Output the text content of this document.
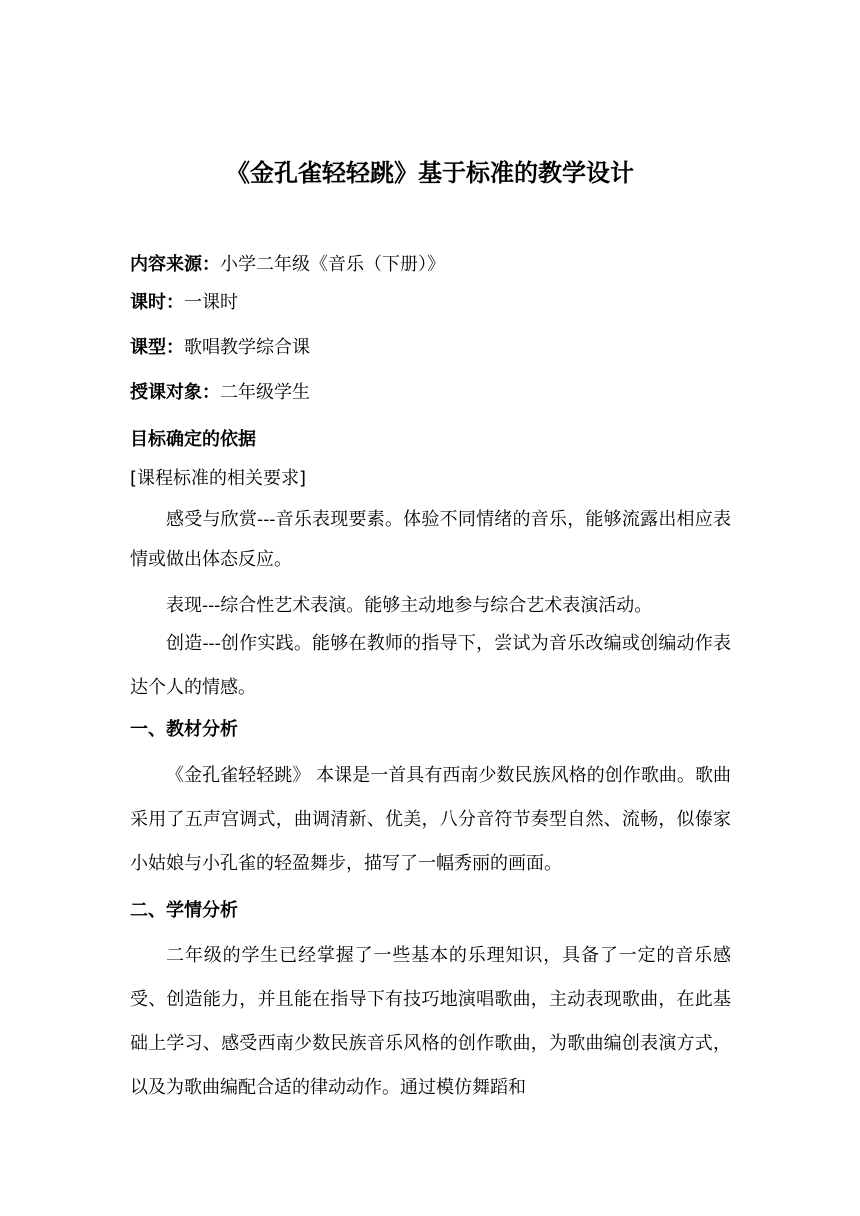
《金孔雀轻轻跳》基于标准的教学设计
内容来源：小学二年级《音乐（下册）》
课时：一课时
课型：歌唱教学综合课
授课对象：二年级学生
目标确定的依据
[课程标准的相关要求]
感受与欣赏---音乐表现要素。体验不同情绪的音乐，能够流露出相应表情或做出体态反应。
表现---综合性艺术表演。能够主动地参与综合艺术表演活动。
创造---创作实践。能够在教师的指导下，尝试为音乐改编或创编动作表达个人的情感。
一、教材分析
《金孔雀轻轻跳》 本课是一首具有西南少数民族风格的创作歌曲。歌曲采用了五声宫调式，曲调清新、优美，八分音符节奏型自然、流畅，似傣家小姑娘与小孔雀的轻盈舞步，描写了一幅秀丽的画面。
二、学情分析
二年级的学生已经掌握了一些基本的乐理知识，具备了一定的音乐感受、创造能力，并且能在指导下有技巧地演唱歌曲，主动表现歌曲，在此基础上学习、感受西南少数民族音乐风格的创作歌曲，为歌曲编创表演方式，以及为歌曲编配合适的律动动作。通过模仿舞蹈和
